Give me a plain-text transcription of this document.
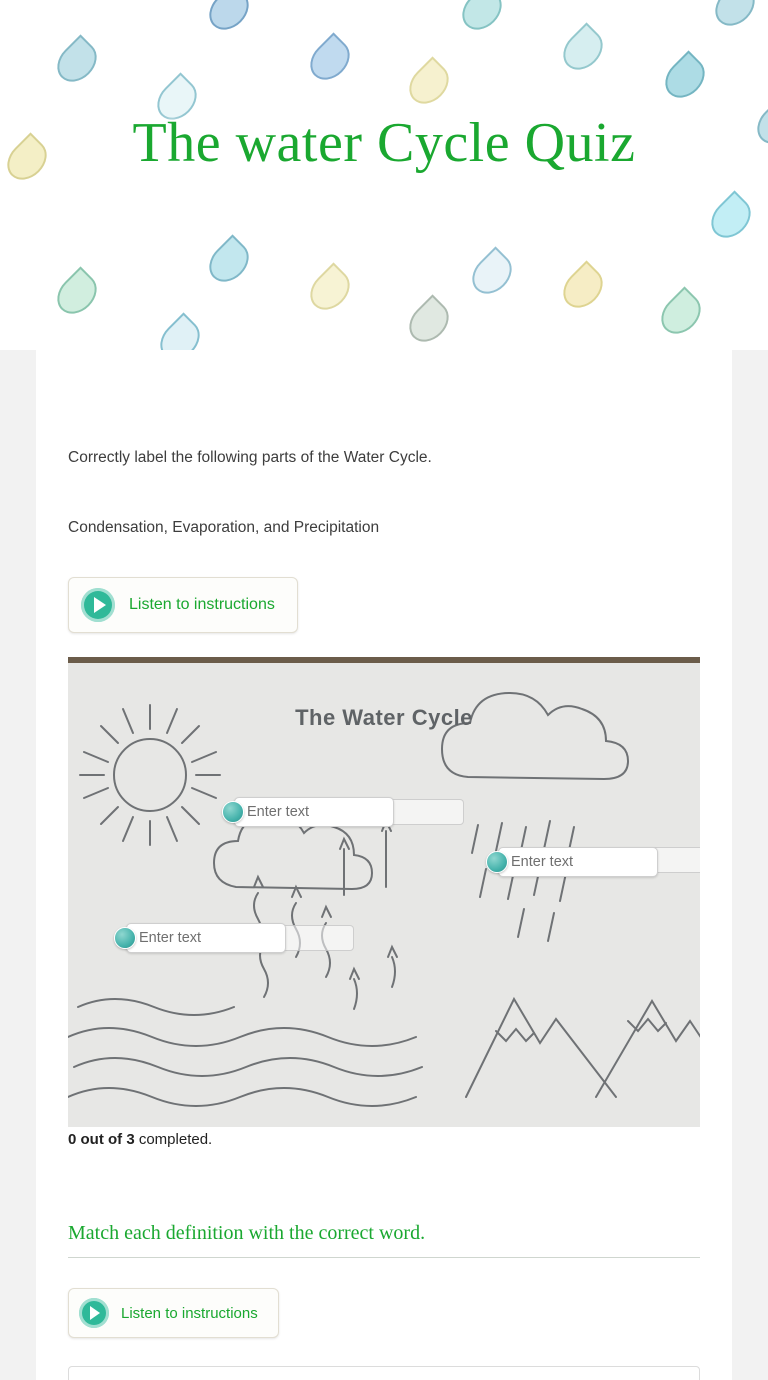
The water Cycle Quiz
Correctly label the following parts of the Water Cycle.
Condensation, Evaporation, and Precipitation
Listen to instructions
The Water Cycle
Enter text
Enter text
Enter text
0 out of 3 completed.
Match each definition with the correct word.
Listen to instructions
